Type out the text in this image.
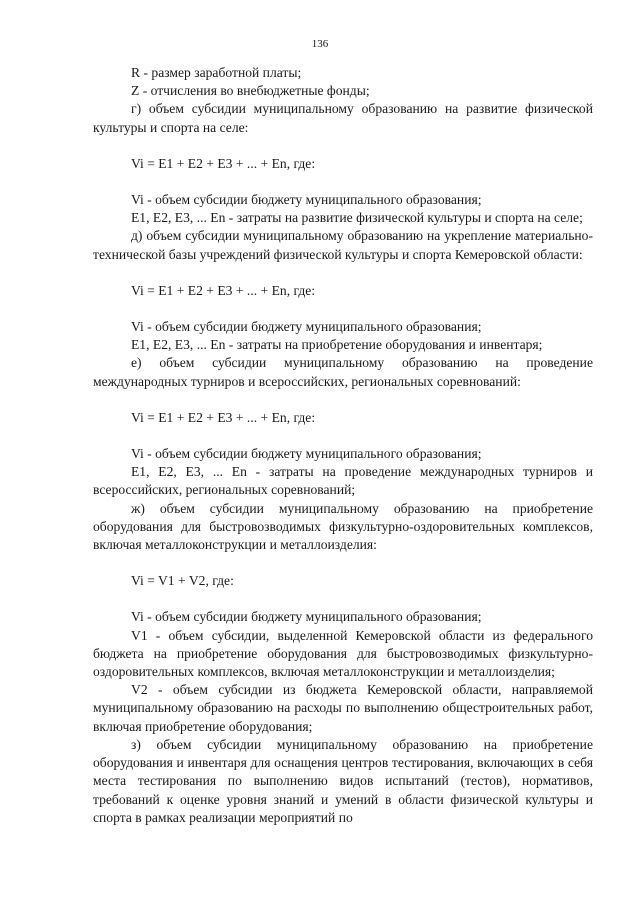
136

R - размер заработной платы;

Z - отчисления во внебюджетные фонды;

г) объем субсидии муниципальному образованию на развитие физической культуры и спорта на селе:

Vi = E1 + E2 + E3 + ... + En, где:

Vi - объем субсидии бюджету муниципального образования;

E1, E2, E3, ... En - затраты на развитие физической культуры и спорта на селе;

д) объем субсидии муниципальному образованию на укрепление материально-технической базы учреждений физической культуры и спорта Кемеровской области:

Vi = E1 + E2 + E3 + ... + En, где:

Vi - объем субсидии бюджету муниципального образования;

E1, E2, E3, ... En - затраты на приобретение оборудования и инвентаря;

е) объем субсидии муниципальному образованию на проведение международных турниров и всероссийских, региональных соревнований:

Vi = E1 + E2 + E3 + ... + En, где:

Vi - объем субсидии бюджету муниципального образования;

E1, E2, E3, ... En - затраты на проведение международных турниров и всероссийских, региональных соревнований;

ж) объем субсидии муниципальному образованию на приобретение оборудования для быстровозводимых физкультурно-оздоровительных комплексов, включая металлоконструкции и металлоизделия:

Vi = V1 + V2, где:

Vi - объем субсидии бюджету муниципального образования;

V1 - объем субсидии, выделенной Кемеровской области из федерального бюджета на приобретение оборудования для быстровозводимых физкультурно-оздоровительных комплексов, включая металлоконструкции и металлоизделия;

V2 - объем субсидии из бюджета Кемеровской области, направляемой муниципальному образованию на расходы по выполнению общестроительных работ, включая приобретение оборудования;

з) объем субсидии муниципальному образованию на приобретение оборудования и инвентаря для оснащения центров тестирования, включающих в себя места тестирования по выполнению видов испытаний (тестов), нормативов, требований к оценке уровня знаний и умений в области физической культуры и спорта в рамках реализации мероприятий по
